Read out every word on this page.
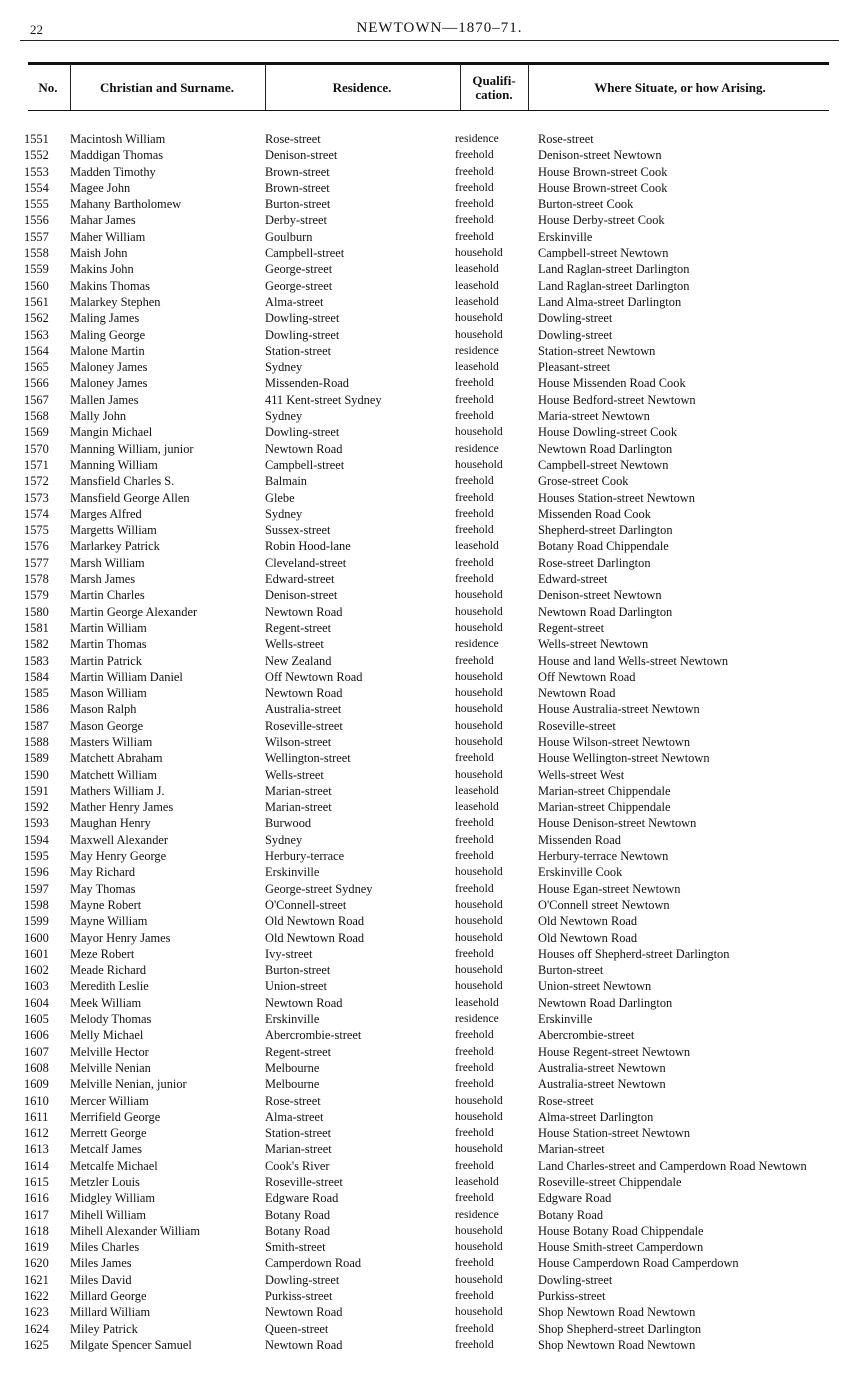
22	NEWTOWN—1870–71.
No.	Christian and Surname.	Residence.	Qualifi-cation.	Where Situate, or how Arising.
1551	Macintosh William	Rose-street	residence	Rose-street
1552	Maddigan Thomas	Denison-street	freehold	Denison-street Newtown
1553	Madden Timothy	Brown-street	freehold	House Brown-street Cook
1554	Magee John	Brown-street	freehold	House Brown-street Cook
1555	Mahany Bartholomew	Burton-street	freehold	Burton-street Cook
1556	Mahar James	Derby-street	freehold	House Derby-street Cook
1557	Maher William	Goulburn	freehold	Erskinville
1558	Maish John	Campbell-street	household	Campbell-street Newtown
1559	Makins John	George-street	leasehold	Land Raglan-street Darlington
1560	Makins Thomas	George-street	leasehold	Land Raglan-street Darlington
1561	Malarkey Stephen	Alma-street	leasehold	Land Alma-street Darlington
1562	Maling James	Dowling-street	household	Dowling-street
1563	Maling George	Dowling-street	household	Dowling-street
1564	Malone Martin	Station-street	residence	Station-street Newtown
1565	Maloney James	Sydney	leasehold	Pleasant-street
1566	Maloney James	Missenden-Road	freehold	House Missenden Road Cook
1567	Mallen James	411 Kent-street Sydney	freehold	House Bedford-street Newtown
1568	Mally John	Sydney	freehold	Maria-street Newtown
1569	Mangin Michael	Dowling-street	household	House Dowling-street Cook
1570	Manning William, junior	Newtown Road	residence	Newtown Road Darlington
1571	Manning William	Campbell-street	household	Campbell-street Newtown
1572	Mansfield Charles S.	Balmain	freehold	Grose-street Cook
1573	Mansfield George Allen	Glebe	freehold	Houses Station-street Newtown
1574	Marges Alfred	Sydney	freehold	Missenden Road Cook
1575	Margetts William	Sussex-street	freehold	Shepherd-street Darlington
1576	Marlarkey Patrick	Robin Hood-lane	leasehold	Botany Road Chippendale
1577	Marsh William	Cleveland-street	freehold	Rose-street Darlington
1578	Marsh James	Edward-street	freehold	Edward-street
1579	Martin Charles	Denison-street	household	Denison-street Newtown
1580	Martin George Alexander	Newtown Road	household	Newtown Road Darlington
1581	Martin William	Regent-street	household	Regent-street
1582	Martin Thomas	Wells-street	residence	Wells-street Newtown
1583	Martin Patrick	New Zealand	freehold	House and land Wells-street Newtown
1584	Martin William Daniel	Off Newtown Road	household	Off Newtown Road
1585	Mason William	Newtown Road	household	Newtown Road
1586	Mason Ralph	Australia-street	household	House Australia-street Newtown
1587	Mason George	Roseville-street	household	Roseville-street
1588	Masters William	Wilson-street	household	House Wilson-street Newtown
1589	Matchett Abraham	Wellington-street	freehold	House Wellington-street Newtown
1590	Matchett William	Wells-street	household	Wells-street West
1591	Mathers William J.	Marian-street	leasehold	Marian-street Chippendale
1592	Mather Henry James	Marian-street	leasehold	Marian-street Chippendale
1593	Maughan Henry	Burwood	freehold	House Denison-street Newtown
1594	Maxwell Alexander	Sydney	freehold	Missenden Road
1595	May Henry George	Herbury-terrace	freehold	Herbury-terrace Newtown
1596	May Richard	Erskinville	household	Erskinville Cook
1597	May Thomas	George-street Sydney	freehold	House Egan-street Newtown
1598	Mayne Robert	O'Connell-street	household	O'Connell street Newtown
1599	Mayne William	Old Newtown Road	household	Old Newtown Road
1600	Mayor Henry James	Old Newtown Road	household	Old Newtown Road
1601	Meze Robert	Ivy-street	freehold	Houses off Shepherd-street Darlington
1602	Meade Richard	Burton-street	household	Burton-street
1603	Meredith Leslie	Union-street	household	Union-street Newtown
1604	Meek William	Newtown Road	leasehold	Newtown Road Darlington
1605	Melody Thomas	Erskinville	residence	Erskinville
1606	Melly Michael	Abercrombie-street	freehold	Abercrombie-street
1607	Melville Hector	Regent-street	freehold	House Regent-street Newtown
1608	Melville Nenian	Melbourne	freehold	Australia-street Newtown
1609	Melville Nenian, junior	Melbourne	freehold	Australia-street Newtown
1610	Mercer William	Rose-street	household	Rose-street
1611	Merrifield George	Alma-street	household	Alma-street Darlington
1612	Merrett George	Station-street	freehold	House Station-street Newtown
1613	Metcalf James	Marian-street	household	Marian-street
1614	Metcalfe Michael	Cook's River	freehold	Land Charles-street and Camperdown Road Newtown
1615	Metzler Louis	Roseville-street	leasehold	Roseville-street Chippendale
1616	Midgley William	Edgware Road	freehold	Edgware Road
1617	Mihell William	Botany Road	residence	Botany Road
1618	Mihell Alexander William	Botany Road	household	House Botany Road Chippendale
1619	Miles Charles	Smith-street	household	House Smith-street Camperdown
1620	Miles James	Camperdown Road	freehold	House Camperdown Road Camperdown
1621	Miles David	Dowling-street	household	Dowling-street
1622	Millard George	Purkiss-street	freehold	Purkiss-street
1623	Millard William	Newtown Road	household	Shop Newtown Road Newtown
1624	Miley Patrick	Queen-street	freehold	Shop Shepherd-street Darlington
1625	Milgate Spencer Samuel	Newtown Road	freehold	Shop Newtown Road Newtown
